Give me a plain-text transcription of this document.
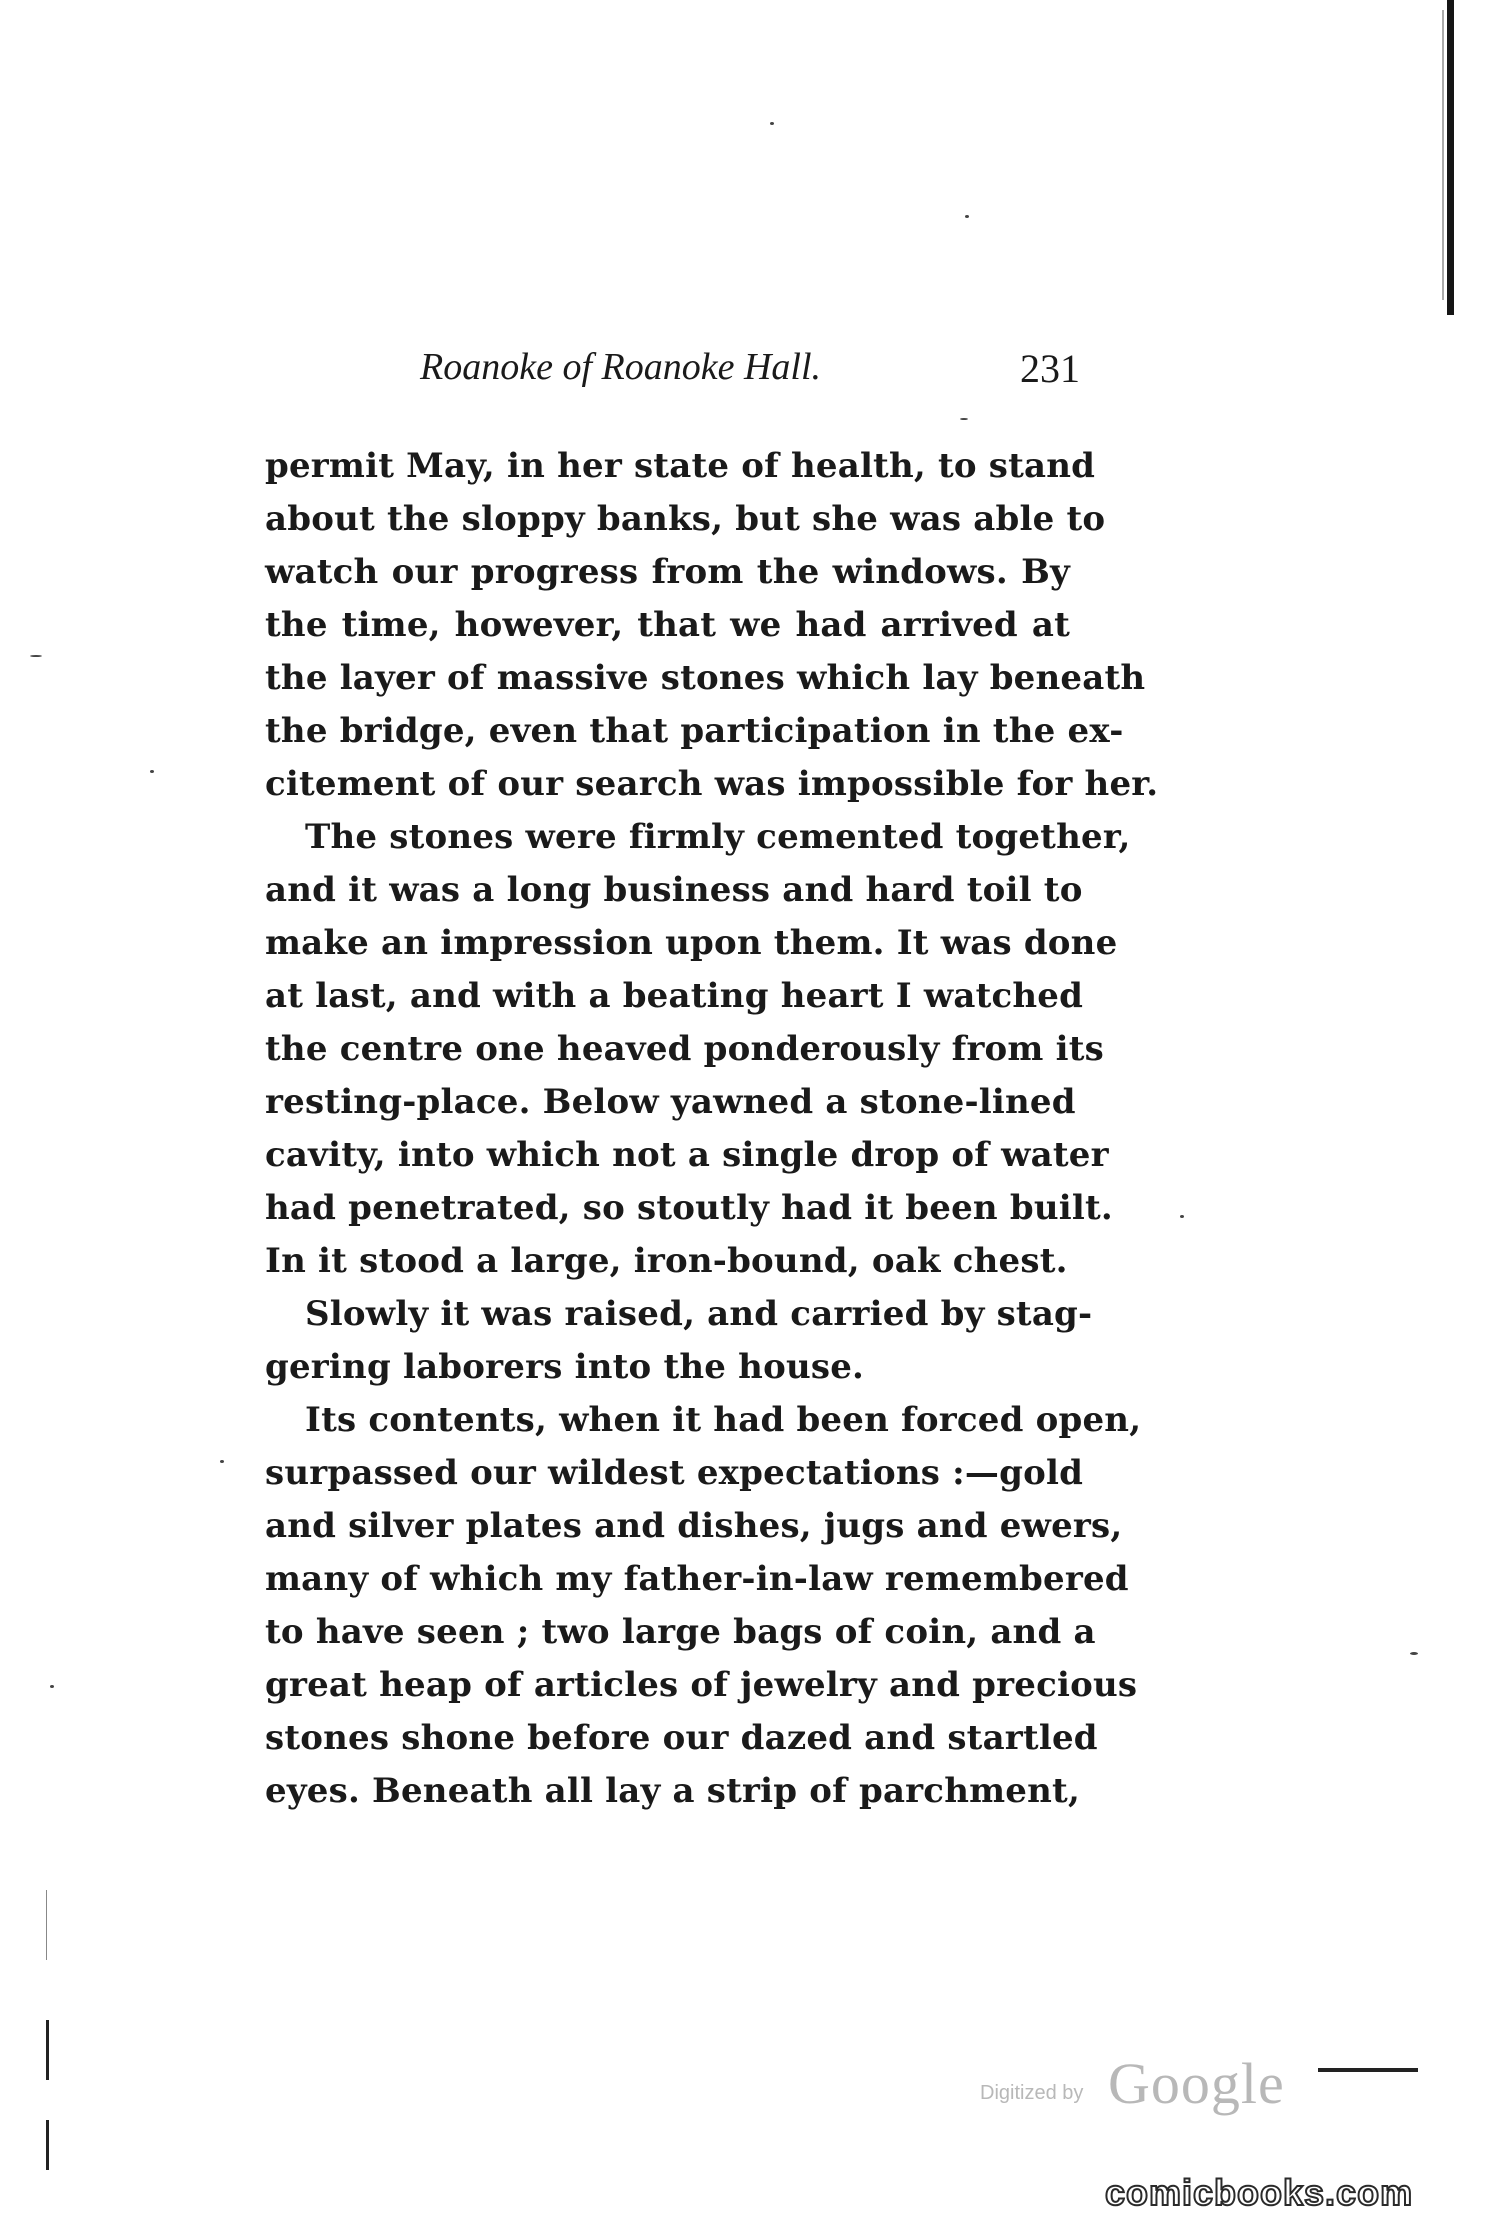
Roanoke of Roanoke Hall.	231
permit May, in her state of health, to stand
about the sloppy banks, but she was able to
watch our progress from the windows. By
the time, however, that we had arrived at
the layer of massive stones which lay beneath
the bridge, even that participation in the ex-
citement of our search was impossible for her.
The stones were firmly cemented together,
and it was a long business and hard toil to
make an impression upon them. It was done
at last, and with a beating heart I watched
the centre one heaved ponderously from its
resting-place. Below yawned a stone-lined
cavity, into which not a single drop of water
had penetrated, so stoutly had it been built.
In it stood a large, iron-bound, oak chest.
Slowly it was raised, and carried by stag-
gering laborers into the house.
Its contents, when it had been forced open,
surpassed our wildest expectations :—gold
and silver plates and dishes, jugs and ewers,
many of which my father-in-law remembered
to have seen ; two large bags of coin, and a
great heap of articles of jewelry and precious
stones shone before our dazed and startled
eyes. Beneath all lay a strip of parchment,
Digitized by Google
comicbooks.com
